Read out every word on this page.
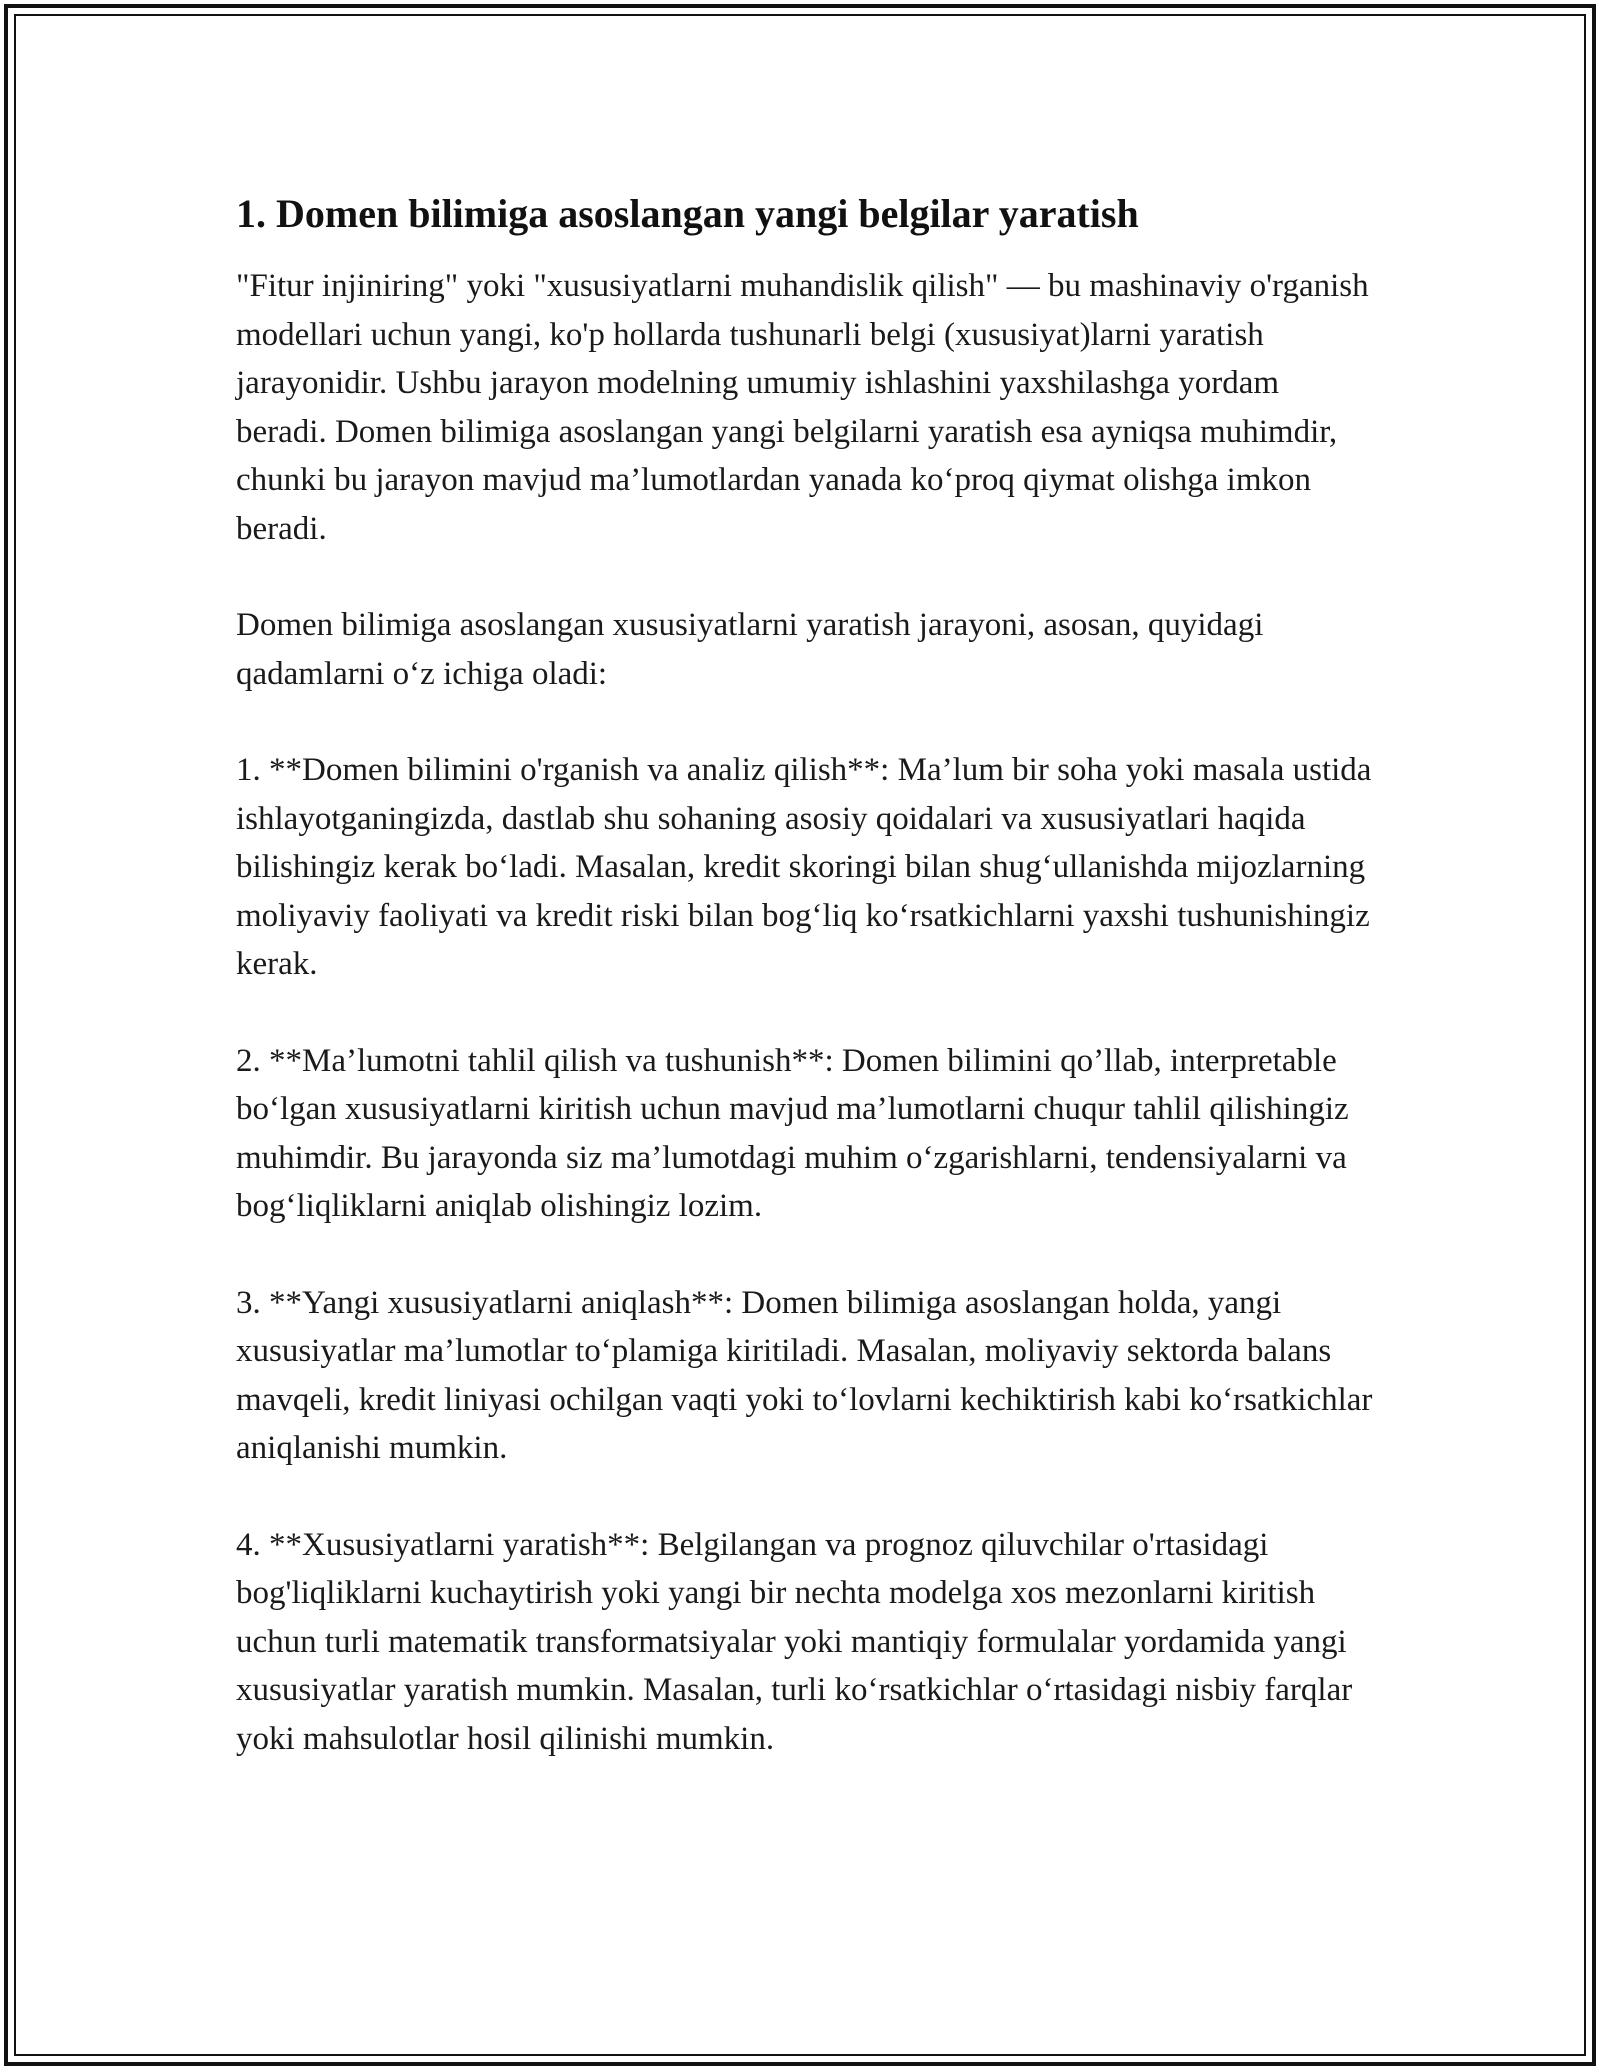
1. Domen bilimiga asoslangan yangi belgilar yaratish

"Fitur injiniring" yoki "xususiyatlarni muhandislik qilish" — bu mashinaviy o'rganish modellari uchun yangi, ko'p hollarda tushunarli belgi (xususiyat)larni yaratish jarayonidir. Ushbu jarayon modelning umumiy ishlashini yaxshilashga yordam beradi. Domen bilimiga asoslangan yangi belgilarni yaratish esa ayniqsa muhimdir, chunki bu jarayon mavjud ma’lumotlardan yanada ko‘proq qiymat olishga imkon beradi.

Domen bilimiga asoslangan xususiyatlarni yaratish jarayoni, asosan, quyidagi qadamlarni o‘z ichiga oladi:

1. **Domen bilimini o'rganish va analiz qilish**: Ma’lum bir soha yoki masala ustida ishlayotganingizda, dastlab shu sohaning asosiy qoidalari va xususiyatlari haqida bilishingiz kerak bo‘ladi. Masalan, kredit skoringi bilan shug‘ullanishda mijozlarning moliyaviy faoliyati va kredit riski bilan bog‘liq ko‘rsatkichlarni yaxshi tushunishingiz kerak.

2. **Ma’lumotni tahlil qilish va tushunish**: Domen bilimini qo’llab, interpretable bo‘lgan xususiyatlarni kiritish uchun mavjud ma’lumotlarni chuqur tahlil qilishingiz muhimdir. Bu jarayonda siz ma’lumotdagi muhim o‘zgarishlarni, tendensiyalarni va bog‘liqliklarni aniqlab olishingiz lozim.

3. **Yangi xususiyatlarni aniqlash**: Domen bilimiga asoslangan holda, yangi xususiyatlar ma’lumotlar to‘plamiga kiritiladi. Masalan, moliyaviy sektorda balans mavqeli, kredit liniyasi ochilgan vaqti yoki to‘lovlarni kechiktirish kabi ko‘rsatkichlar aniqlanishi mumkin.

4. **Xususiyatlarni yaratish**: Belgilangan va prognoz qiluvchilar o'rtasidagi bog'liqliklarni kuchaytirish yoki yangi bir nechta modelga xos mezonlarni kiritish uchun turli matematik transformatsiyalar yoki mantiqiy formulalar yordamida yangi xususiyatlar yaratish mumkin. Masalan, turli ko‘rsatkichlar o‘rtasidagi nisbiy farqlar yoki mahsulotlar hosil qilinishi mumkin.
